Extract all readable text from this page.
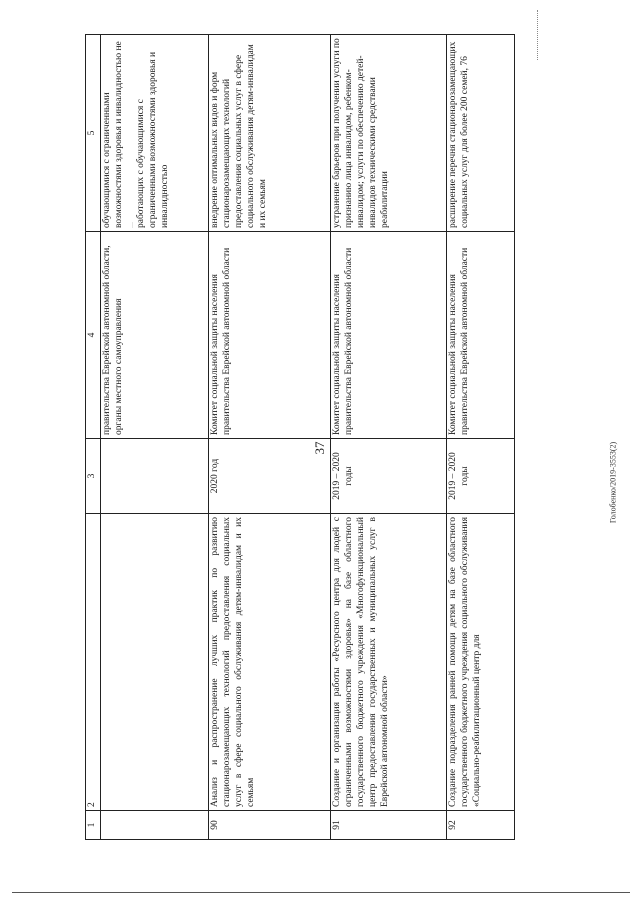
37
1	2	3	4	5
			правительства Еврейской автономной области, органы местного самоуправления	обучающимися с ограниченными возможностями здоровья и инвалидностью не ... работающих с обучающимися с ограниченными возможностями здоровья и инвалидностью
90	Анализ и распространение лучших практик по развитию стационарозамещающих технологий предоставления социальных услуг в сфере социального обслуживания детям-инвалидам и их семьям	2020 год	Комитет социальной защиты населения правительства Еврейской автономной области	внедрение оптимальных видов и форм стационарозамещающих технологий предоставления социальных услуг в сфере социального обслуживания детям-инвалидам и их семьям
91	Создание и организация работы «Ресурсного центра для людей с ограниченными возможностями здоровья» на базе областного государственного бюджетного учреждения «Многофункциональный центр предоставления государственных и муниципальных услуг в Еврейской автономной области»	2019 – 2020 годы	Комитет социальной защиты населения правительства Еврейской автономной области	устранение барьеров при получении услуги по признанию лица инвалидом, ребенком-инвалидом; услуги по обеспечению детей-инвалидов техническими средствами реабилитации
92	Создание подразделения ранней помощи детям на базе областного государственного бюджетного учреждения социального обслуживания «Социально-реабилитационный центр для	2019 – 2020 годы	Комитет социальной защиты населения правительства Еврейской автономной области	расширение перечня стационарозамещающих социальных услуг для более 200 семей, 76
Голобенко/2019-3553(2)
